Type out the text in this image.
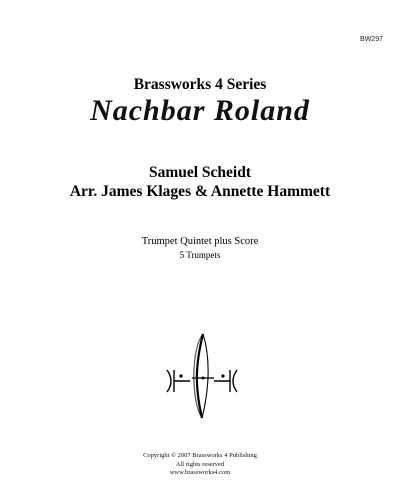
BW297
Brassworks 4 Series
Nachbar Roland
Samuel Scheidt
Arr. James Klages & Annette Hammett
Trumpet Quintet plus Score
5 Trumpets
Copyright © 2007 Brassworks 4 Publishing
All rights reserved
www.brassworks4.com
